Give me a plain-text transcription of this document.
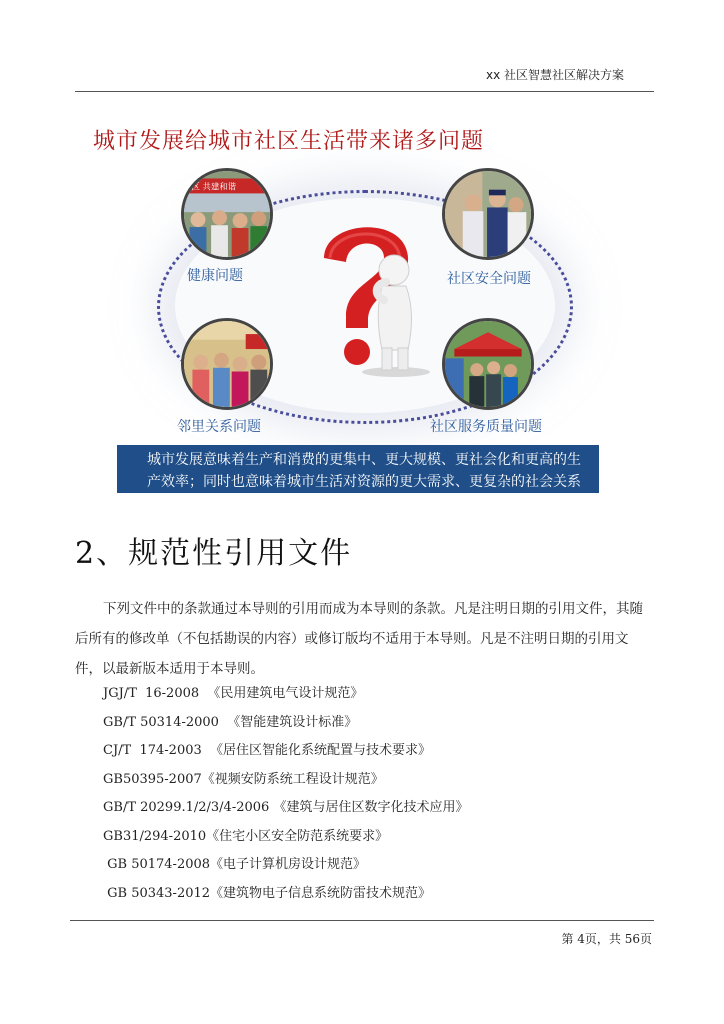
xx 社区智慧社区解决方案
城市发展给城市社区生活带来诸多问题
区 共建和谐
健康问题	社区安全问题
邻里关系问题	社区服务质量问题
城市发展意味着生产和消费的更集中、更大规模、更社会化和更高的生产效率；同时也意味着城市生活对资源的更大需求、更复杂的社会关系等。
2、规范性引用文件
下列文件中的条款通过本导则的引用而成为本导则的条款。凡是注明日期的引用文件，其随后所有的修改单（不包括勘误的内容）或修订版均不适用于本导则。凡是不注明日期的引用文件，以最新版本适用于本导则。
JGJ/T  16-2008  《民用建筑电气设计规范》
GB/T 50314-2000  《智能建筑设计标准》
CJ/T  174-2003  《居住区智能化系统配置与技术要求》
GB50395-2007《视频安防系统工程设计规范》
GB/T 20299.1/2/3/4-2006 《建筑与居住区数字化技术应用》
GB31/294-2010《住宅小区安全防范系统要求》
GB 50174-2008《电子计算机房设计规范》
GB 50343-2012《建筑物电子信息系统防雷技术规范》
第 4页，共 56页
